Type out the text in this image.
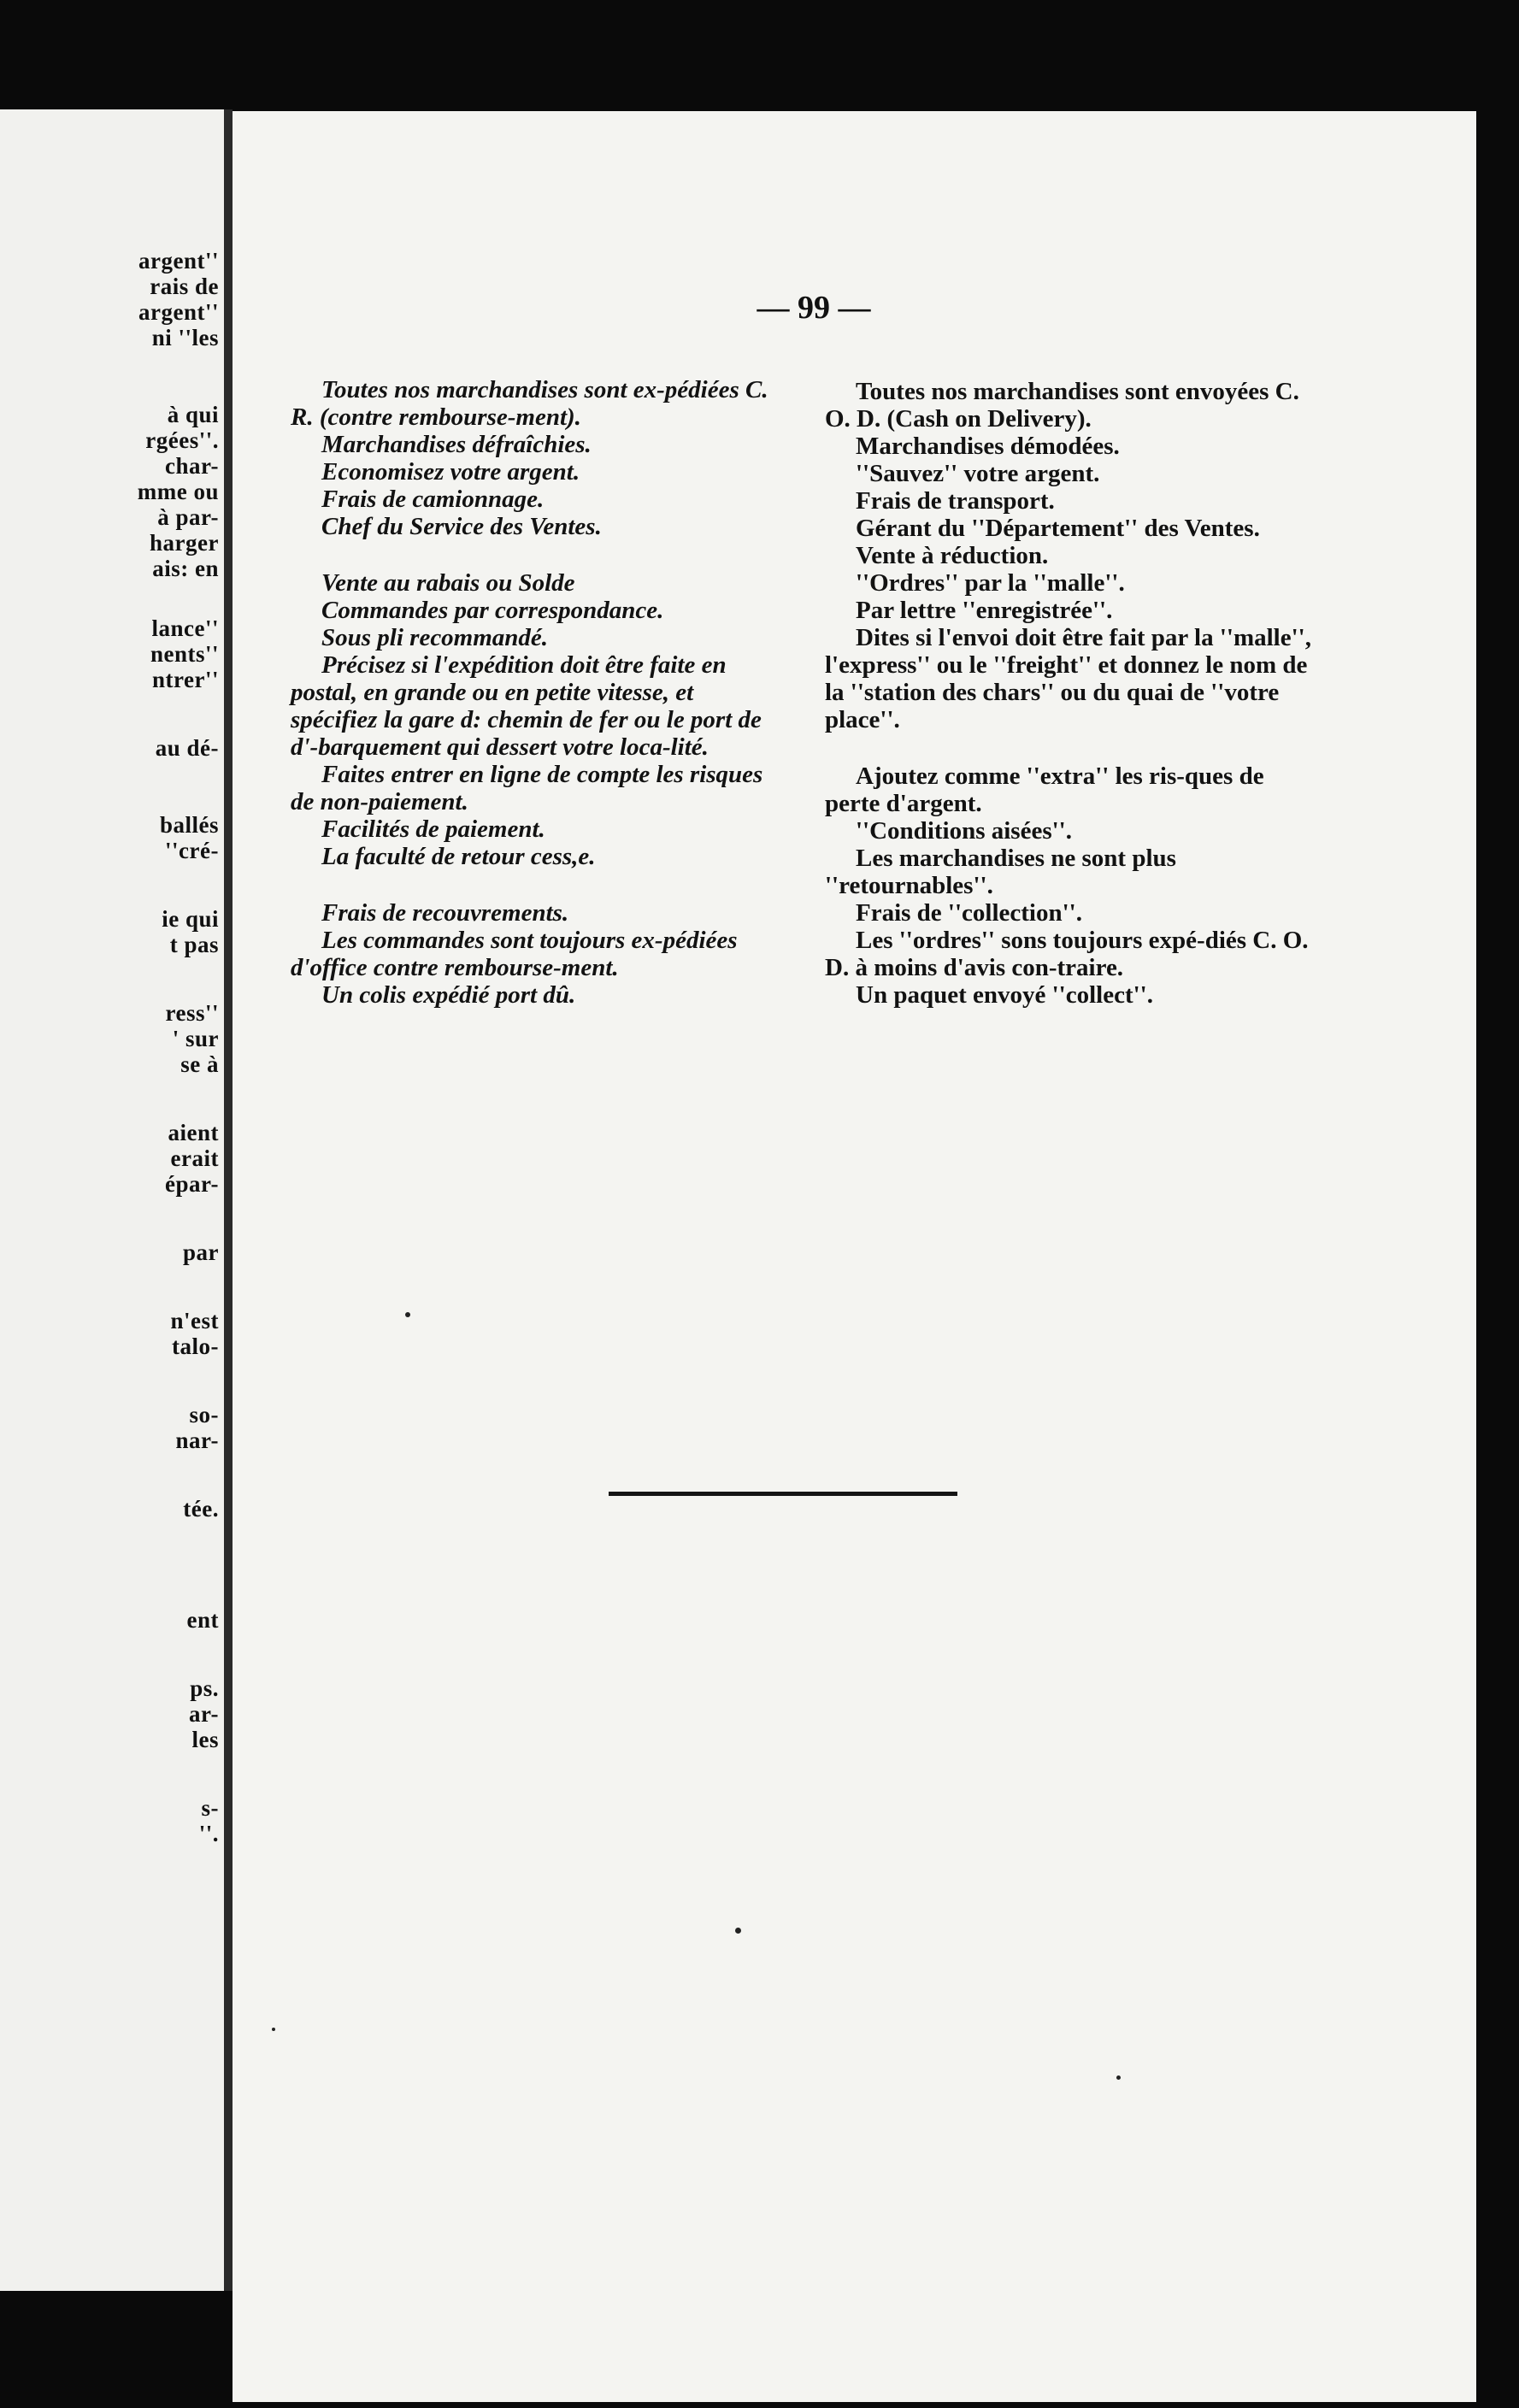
argent''
rais de
argent''
ni ''les
à qui
rgées''.
char-
mme ou
à par-
harger
ais: en
lance''
nents''
ntrer''
au dé-
ballés
''cré-
ie qui
t pas
ress''
' sur
se à
aient
erait
épar-
par
n'est
talo-
so-
nar-
tée.
ent
ps.
ar-
les
s-
''.
— 99 —

Toutes nos marchandises sont ex-pédiées C. R. (contre rembourse-ment).

Marchandises défraîchies.

Economisez votre argent.

Frais de camionnage.

Chef du Service des Ventes.

Vente au rabais ou Solde

Commandes par correspondance.

Sous pli recommandé.

Précisez si l'expédition doit être faite en postal, en grande ou en petite vitesse, et spécifiez la gare d: chemin de fer ou le port de d'-barquement qui dessert votre loca-lité.

Faites entrer en ligne de compte les risques de non-paiement.

Facilités de paiement.

La faculté de retour cess,e.

Frais de recouvrements.

Les commandes sont toujours ex-pédiées d'office contre rembourse-ment.

Un colis expédié port dû.

Toutes nos marchandises sont envoyées C. O. D. (Cash on Delivery).

Marchandises démodées.

''Sauvez'' votre argent.

Frais de transport.

Gérant du ''Département'' des Ventes.

Vente à réduction.

''Ordres'' par la ''malle''.

Par lettre ''enregistrée''.

Dites si l'envoi doit être fait par la ''malle'', l'express'' ou le ''freight'' et donnez le nom de la ''station des chars'' ou du quai de ''votre place''.

Ajoutez comme ''extra'' les ris-ques de perte d'argent.

''Conditions aisées''.

Les marchandises ne sont plus ''retournables''.

Frais de ''collection''.

Les ''ordres'' sons toujours expé-diés C. O. D. à moins d'avis con-traire.

Un paquet envoyé ''collect''.
